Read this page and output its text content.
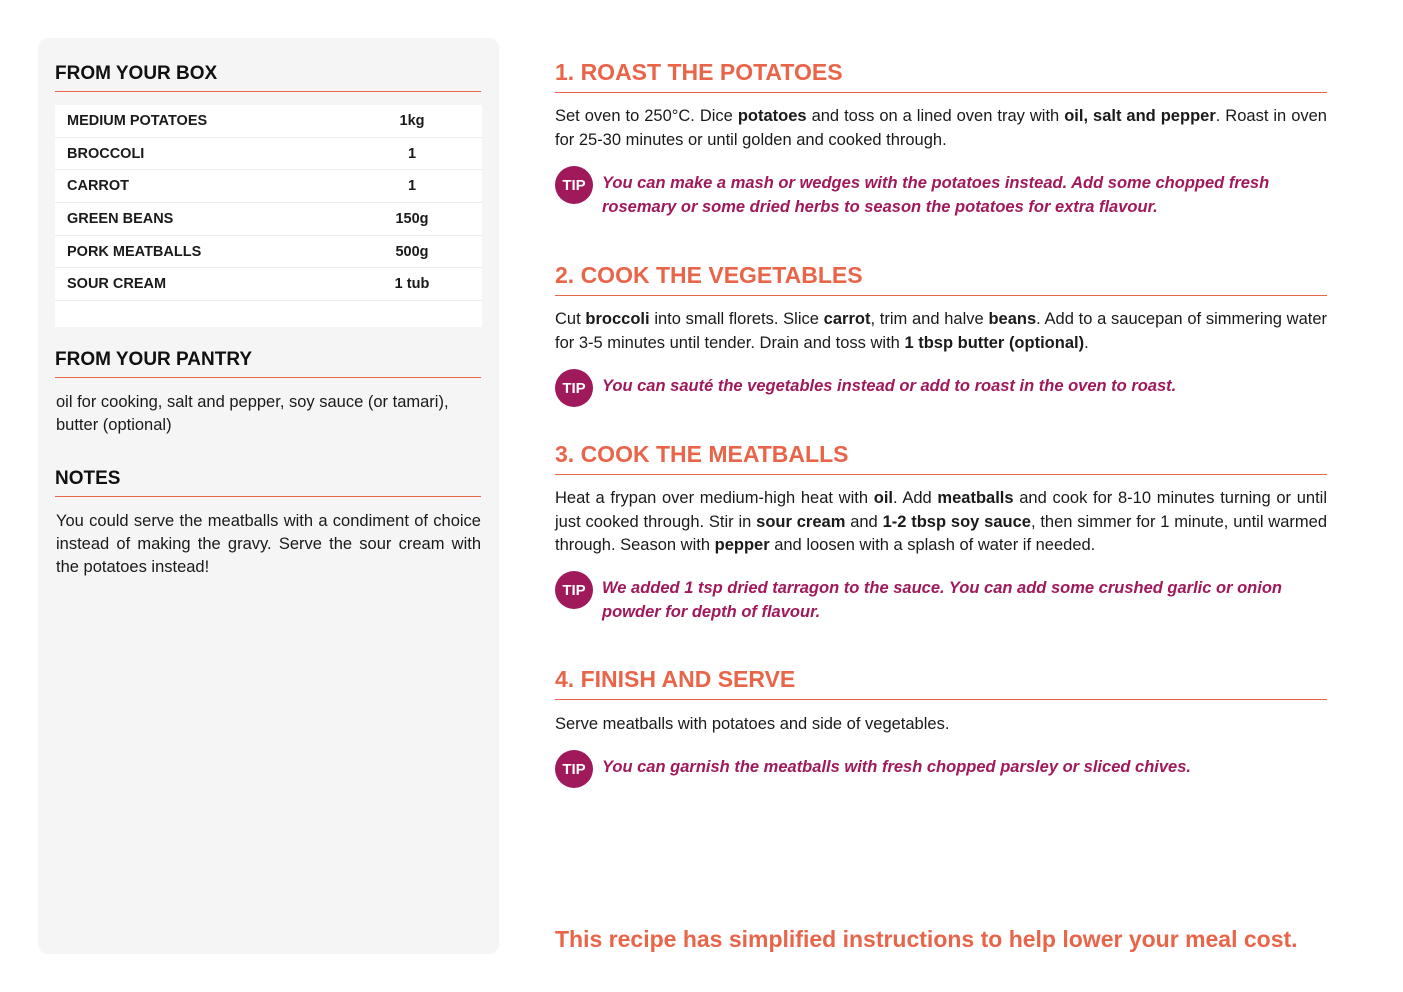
FROM YOUR BOX
MEDIUM POTATOES	1kg
BROCCOLI	1
CARROT	1
GREEN BEANS	150g
PORK MEATBALLS	500g
SOUR CREAM	1 tub
FROM YOUR PANTRY
oil for cooking, salt and pepper, soy sauce (or tamari), butter (optional)
NOTES
You could serve the meatballs with a condiment of choice instead of making the gravy. Serve the sour cream with the potatoes instead!
1. ROAST THE POTATOES
Set oven to 250°C. Dice potatoes and toss on a lined oven tray with oil, salt and pepper. Roast in oven for 25-30 minutes or until golden and cooked through.
TIP You can make a mash or wedges with the potatoes instead. Add some chopped fresh rosemary or some dried herbs to season the potatoes for extra flavour.
2. COOK THE VEGETABLES
Cut broccoli into small florets. Slice carrot, trim and halve beans. Add to a saucepan of simmering water for 3-5 minutes until tender. Drain and toss with 1 tbsp butter (optional).
TIP You can sauté the vegetables instead or add to roast in the oven to roast.
3. COOK THE MEATBALLS
Heat a frypan over medium-high heat with oil. Add meatballs and cook for 8-10 minutes turning or until just cooked through. Stir in sour cream and 1-2 tbsp soy sauce, then simmer for 1 minute, until warmed through. Season with pepper and loosen with a splash of water if needed.
TIP We added 1 tsp dried tarragon to the sauce. You can add some crushed garlic or onion powder for depth of flavour.
4. FINISH AND SERVE
Serve meatballs with potatoes and side of vegetables.
TIP You can garnish the meatballs with fresh chopped parsley or sliced chives.
This recipe has simplified instructions to help lower your meal cost.
